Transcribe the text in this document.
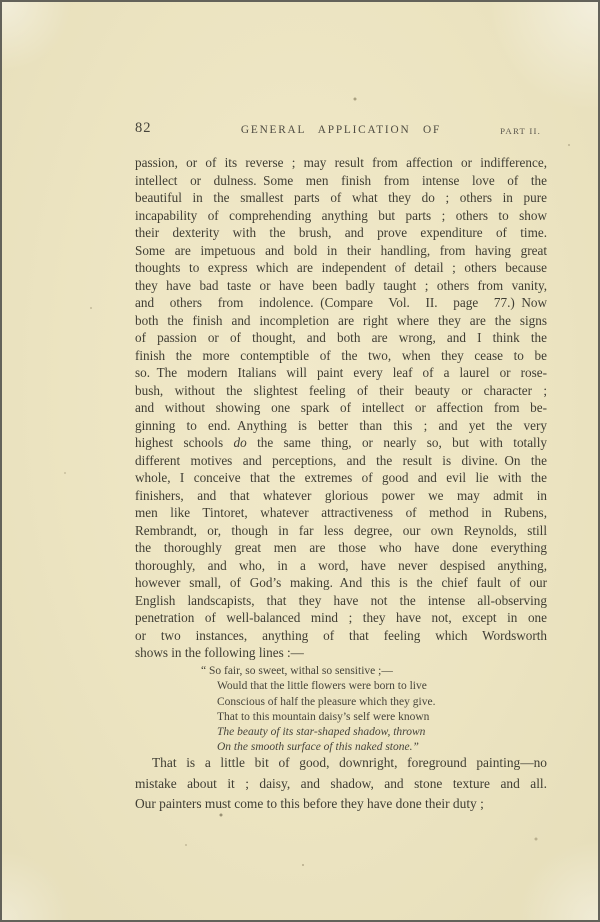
82	GENERAL APPLICATION OF	PART II.
passion, or of its reverse ; may result from affection or indifference,
intellect or dulness. Some men finish from intense love of the
beautiful in the smallest parts of what they do ; others in pure
incapability of comprehending anything but parts ; others to show
their dexterity with the brush, and prove expenditure of time.
Some are impetuous and bold in their handling, from having great
thoughts to express which are independent of detail ; others because
they have bad taste or have been badly taught ; others from vanity,
and others from indolence. (Compare Vol. II. page 77.) Now
both the finish and incompletion are right where they are the signs
of passion or of thought, and both are wrong, and I think the
finish the more contemptible of the two, when they cease to be
so. The modern Italians will paint every leaf of a laurel or rose-
bush, without the slightest feeling of their beauty or character ;
and without showing one spark of intellect or affection from be-
ginning to end. Anything is better than this ; and yet the very
highest schools do the same thing, or nearly so, but with totally
different motives and perceptions, and the result is divine. On the
whole, I conceive that the extremes of good and evil lie with the
finishers, and that whatever glorious power we may admit in
men like Tintoret, whatever attractiveness of method in Rubens,
Rembrandt, or, though in far less degree, our own Reynolds, still
the thoroughly great men are those who have done everything
thoroughly, and who, in a word, have never despised anything,
however small, of God’s making. And this is the chief fault of our
English landscapists, that they have not the intense all-observing
penetration of well-balanced mind ; they have not, except in one
or two instances, anything of that feeling which Wordsworth
shows in the following lines :—
“ So fair, so sweet, withal so sensitive ;—
Would that the little flowers were born to live
Conscious of half the pleasure which they give.
That to this mountain daisy’s self were known
The beauty of its star-shaped shadow, thrown
On the smooth surface of this naked stone.”
That is a little bit of good, downright, foreground painting—no
mistake about it ; daisy, and shadow, and stone texture and all.
Our painters must come to this before they have done their duty ;
